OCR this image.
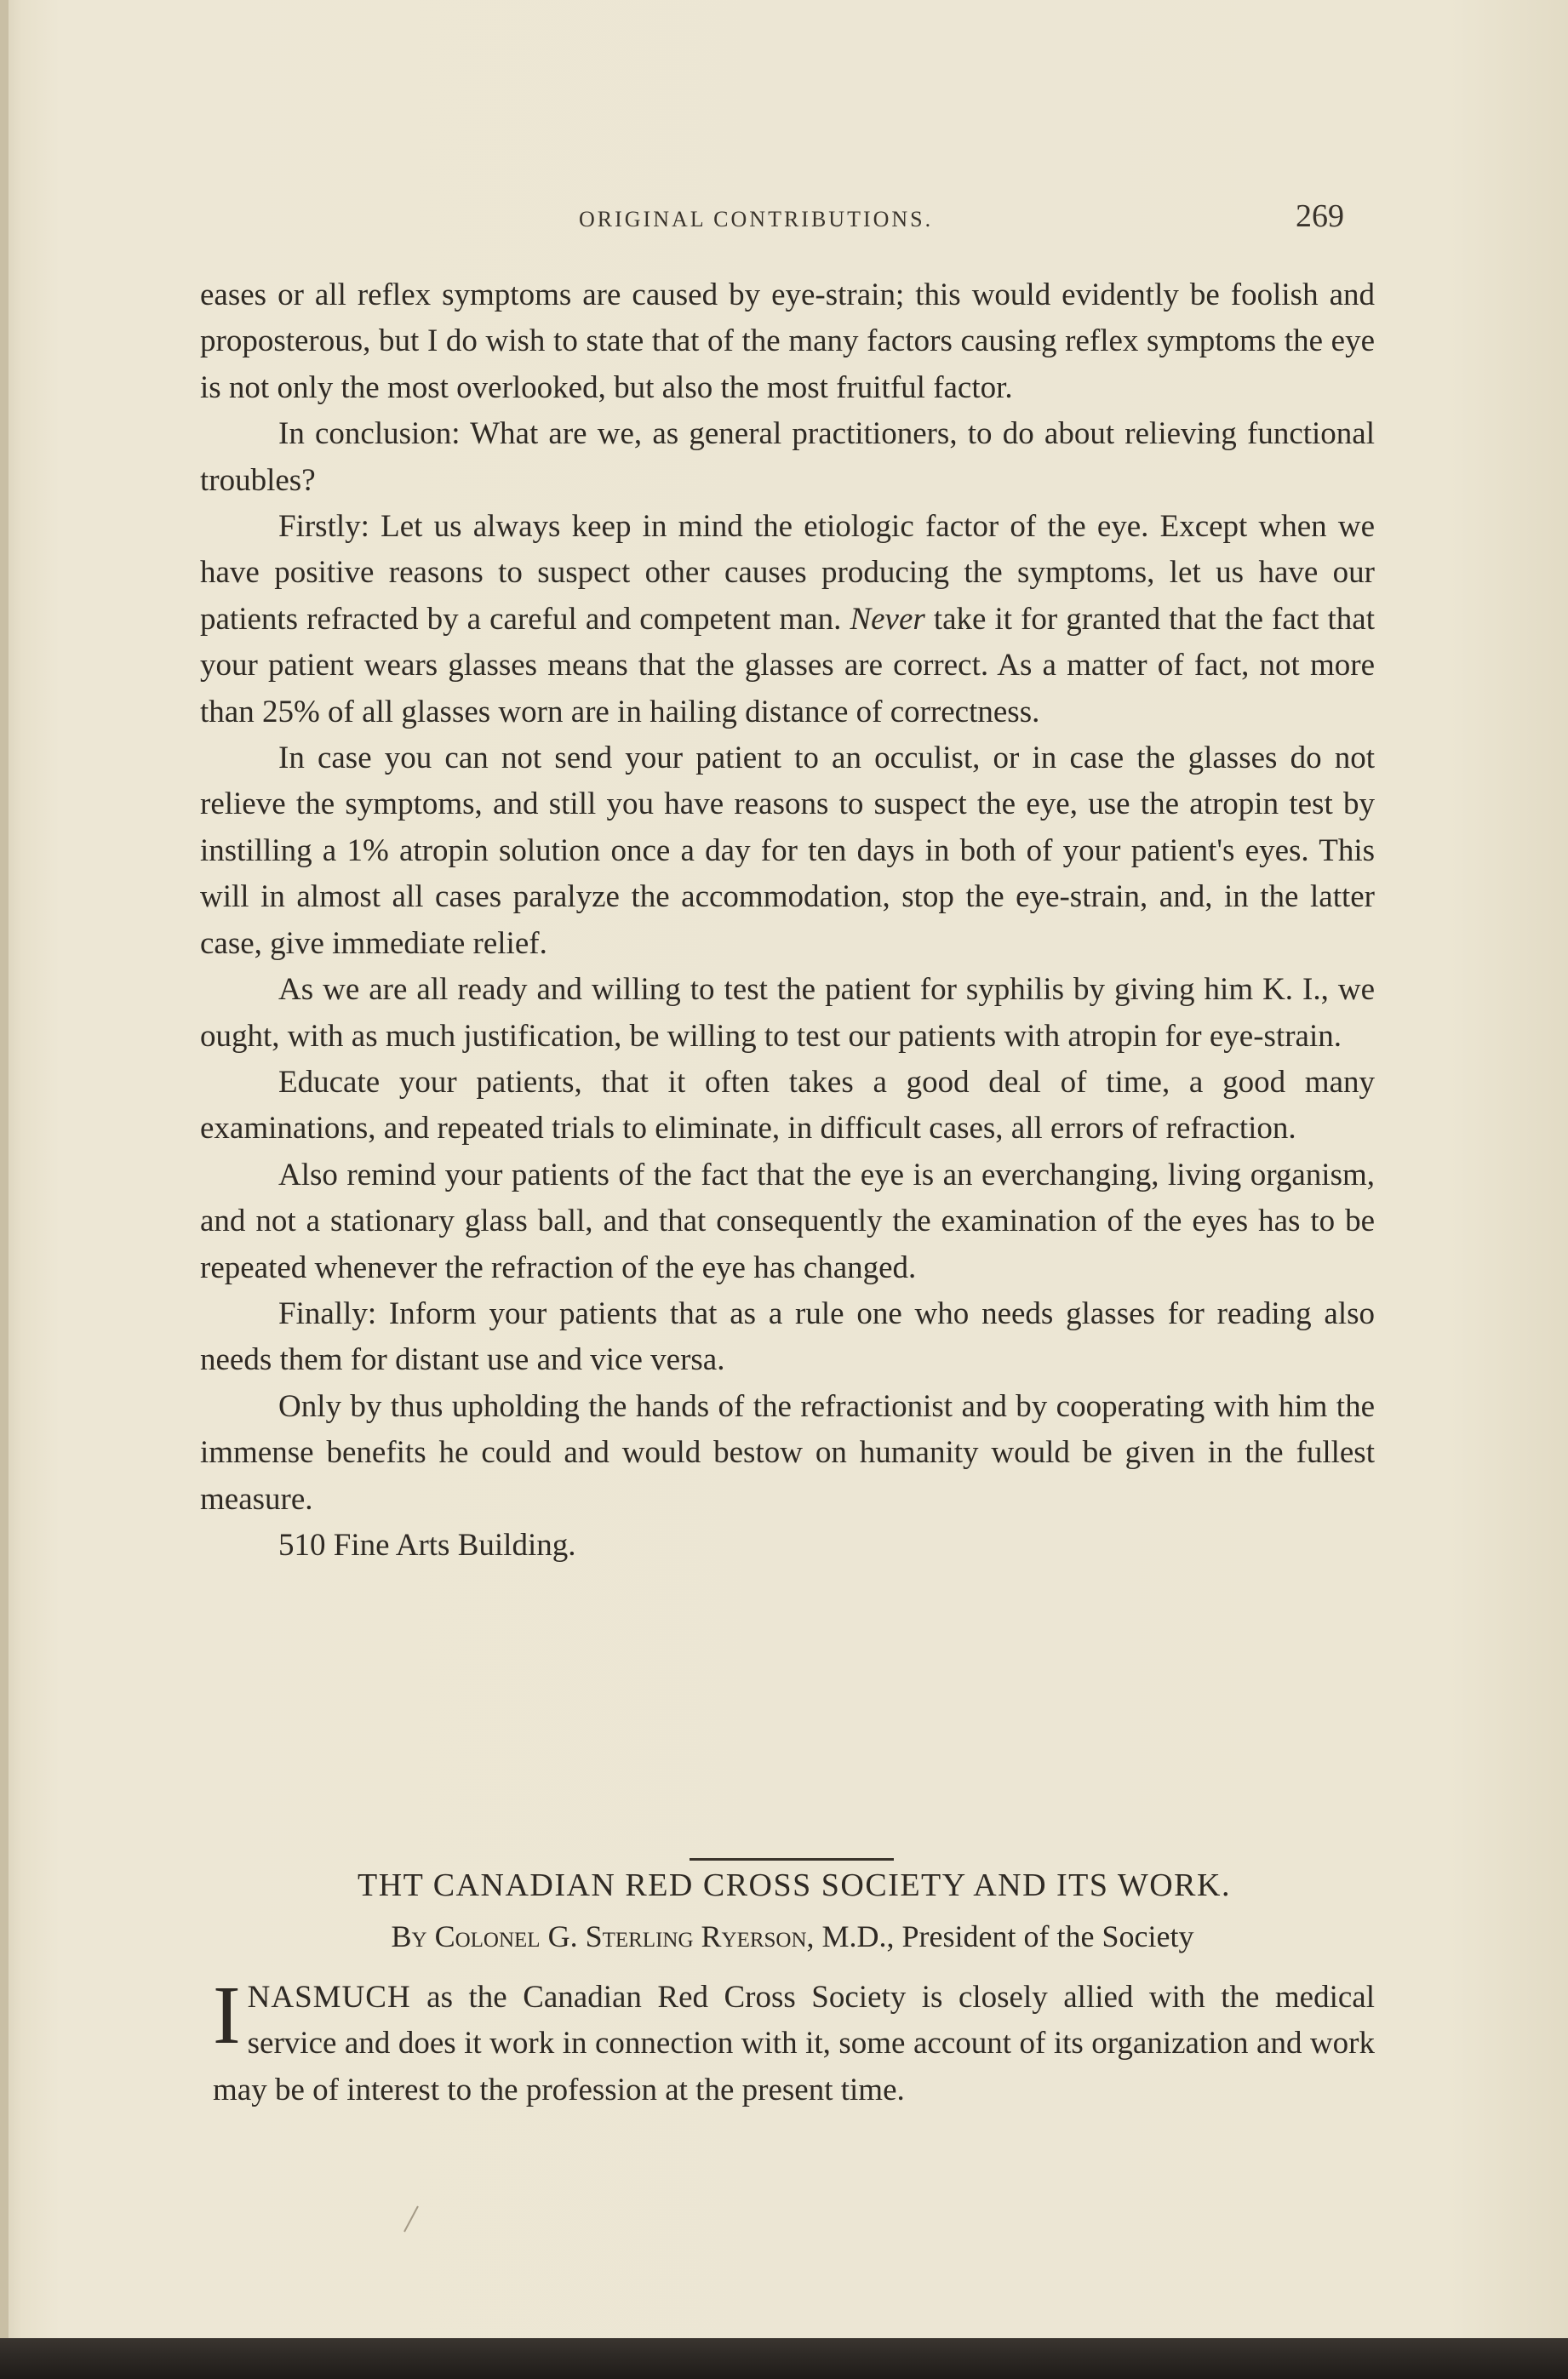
ORIGINAL CONTRIBUTIONS.	269

eases or all reflex symptoms are caused by eye-strain; this would evidently be foolish and proposterous, but I do wish to state that of the many factors causing reflex symptoms the eye is not only the most overlooked, but also the most fruitful factor.

In conclusion: What are we, as general practitioners, to do about relieving functional troubles?

Firstly: Let us always keep in mind the etiologic factor of the eye. Except when we have positive reasons to suspect other causes producing the symptoms, let us have our patients refracted by a careful and competent man. Never take it for granted that the fact that your patient wears glasses means that the glasses are correct. As a matter of fact, not more than 25% of all glasses worn are in hailing distance of correctness.

In case you can not send your patient to an occulist, or in case the glasses do not relieve the symptoms, and still you have reasons to suspect the eye, use the atropin test by instilling a 1% atropin solution once a day for ten days in both of your patient's eyes. This will in almost all cases paralyze the accommodation, stop the eye-strain, and, in the latter case, give immediate relief.

As we are all ready and willing to test the patient for syphilis by giving him K. I., we ought, with as much justification, be willing to test our patients with atropin for eye-strain.

Educate your patients, that it often takes a good deal of time, a good many examinations, and repeated trials to eliminate, in difficult cases, all errors of refraction.

Also remind your patients of the fact that the eye is an everchanging, living organism, and not a stationary glass ball, and that consequently the examination of the eyes has to be repeated whenever the refraction of the eye has changed.

Finally: Inform your patients that as a rule one who needs glasses for reading also needs them for distant use and vice versa.

Only by thus upholding the hands of the refractionist and by cooperating with him the immense benefits he could and would bestow on humanity would be given in the fullest measure.

510 Fine Arts Building.

THT CANADIAN RED CROSS SOCIETY AND ITS WORK.
By Colonel G. Sterling Ryerson, M.D., President of the Society

INASMUCH as the Canadian Red Cross Society is closely allied with the medical service and does it work in connection with it, some account of its organization and work may be of interest to the profession at the present time.
